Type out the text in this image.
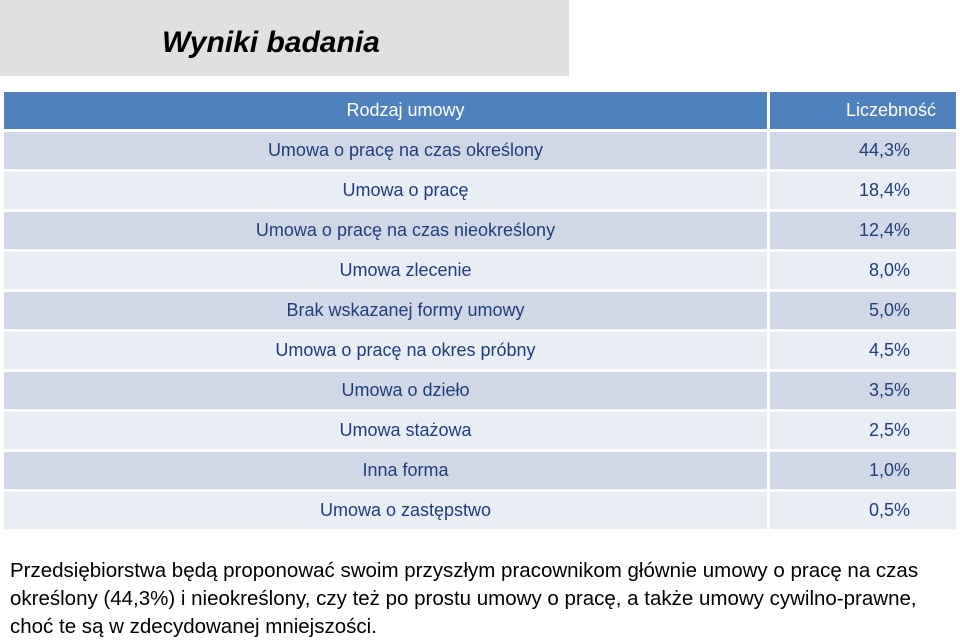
Wyniki badania
Rodzaj umowy	Liczebność
Umowa o pracę na czas określony	44,3%
Umowa o pracę	18,4%
Umowa o pracę na czas nieokreślony	12,4%
Umowa zlecenie	8,0%
Brak wskazanej formy umowy	5,0%
Umowa o pracę na okres próbny	4,5%
Umowa o dzieło	3,5%
Umowa stażowa	2,5%
Inna forma	1,0%
Umowa o zastępstwo	0,5%
Przedsiębiorstwa będą proponować swoim przyszłym pracownikom głównie umowy o pracę na czas określony (44,3%) i nieokreślony, czy też po prostu umowy o pracę, a także umowy cywilno-prawne, choć te są w zdecydowanej mniejszości.
